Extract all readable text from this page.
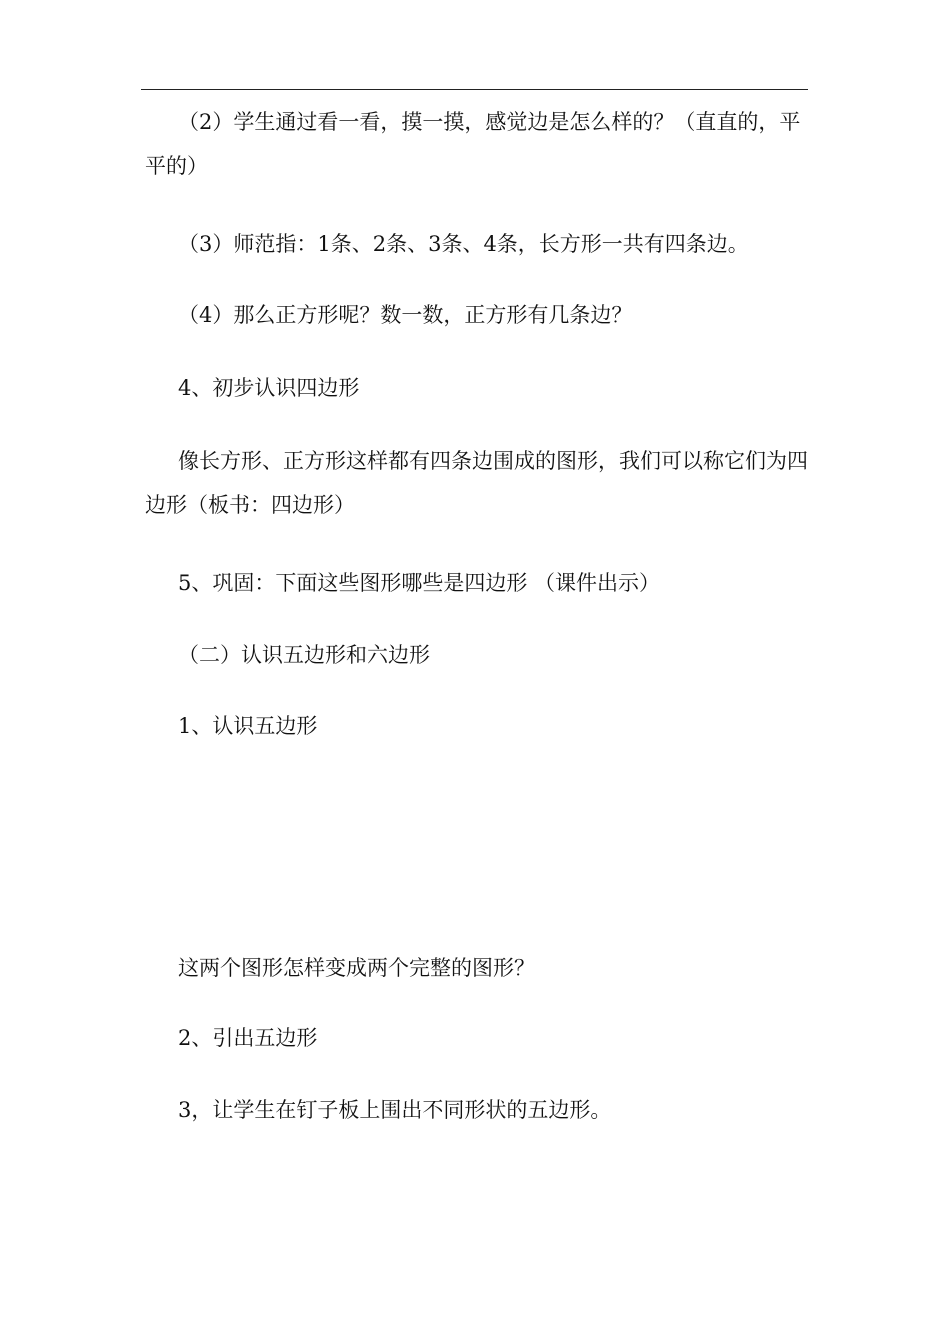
（2）学生通过看一看，摸一摸，感觉边是怎么样的？（直直的，平平的）

（3）师范指：1条、2条、3条、4条，长方形一共有四条边。

（4）那么正方形呢？数一数，正方形有几条边？

4、初步认识四边形

像长方形、正方形这样都有四条边围成的图形，我们可以称它们为四边形（板书：四边形）

5、巩固：下面这些图形哪些是四边形 （课件出示）

（二）认识五边形和六边形

1、认识五边形

这两个图形怎样变成两个完整的图形？

2、引出五边形

3，让学生在钉子板上围出不同形状的五边形。
